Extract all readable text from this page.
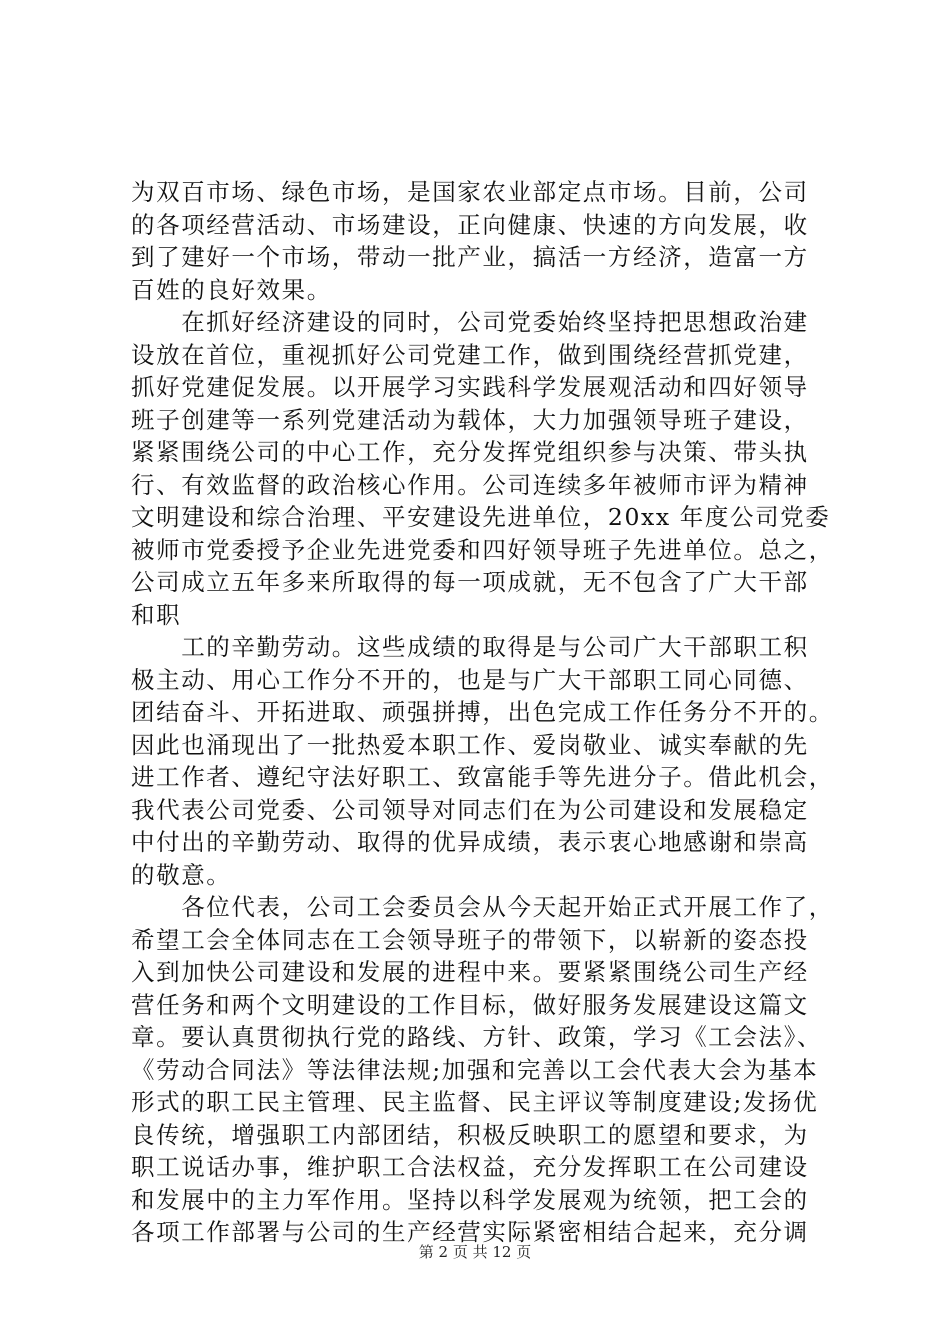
为双百市场、绿色市场，是国家农业部定点市场。目前，公司
的各项经营活动、市场建设，正向健康、快速的方向发展，收
到了建好一个市场，带动一批产业，搞活一方经济，造富一方
百姓的良好效果。
　　在抓好经济建设的同时，公司党委始终坚持把思想政治建
设放在首位，重视抓好公司党建工作，做到围绕经营抓党建，
抓好党建促发展。以开展学习实践科学发展观活动和四好领导
班子创建等一系列党建活动为载体，大力加强领导班子建设，
紧紧围绕公司的中心工作，充分发挥党组织参与决策、带头执
行、有效监督的政治核心作用。公司连续多年被师市评为精神
文明建设和综合治理、平安建设先进单位，20xx 年度公司党委
被师市党委授予企业先进党委和四好领导班子先进单位。总之，
公司成立五年多来所取得的每一项成就，无不包含了广大干部
和职
　　工的辛勤劳动。这些成绩的取得是与公司广大干部职工积
极主动、用心工作分不开的，也是与广大干部职工同心同德、
团结奋斗、开拓进取、顽强拼搏，出色完成工作任务分不开的。
因此也涌现出了一批热爱本职工作、爱岗敬业、诚实奉献的先
进工作者、遵纪守法好职工、致富能手等先进分子。借此机会，
我代表公司党委、公司领导对同志们在为公司建设和发展稳定
中付出的辛勤劳动、取得的优异成绩，表示衷心地感谢和崇高
的敬意。
　　各位代表，公司工会委员会从今天起开始正式开展工作了，
希望工会全体同志在工会领导班子的带领下，以崭新的姿态投
入到加快公司建设和发展的进程中来。要紧紧围绕公司生产经
营任务和两个文明建设的工作目标，做好服务发展建设这篇文
章。要认真贯彻执行党的路线、方针、政策，学习《工会法》、
《劳动合同法》等法律法规;加强和完善以工会代表大会为基本
形式的职工民主管理、民主监督、民主评议等制度建设;发扬优
良传统，增强职工内部团结，积极反映职工的愿望和要求，为
职工说话办事，维护职工合法权益，充分发挥职工在公司建设
和发展中的主力军作用。坚持以科学发展观为统领，把工会的
各项工作部署与公司的生产经营实际紧密相结合起来，充分调
第 2 页 共 12 页
